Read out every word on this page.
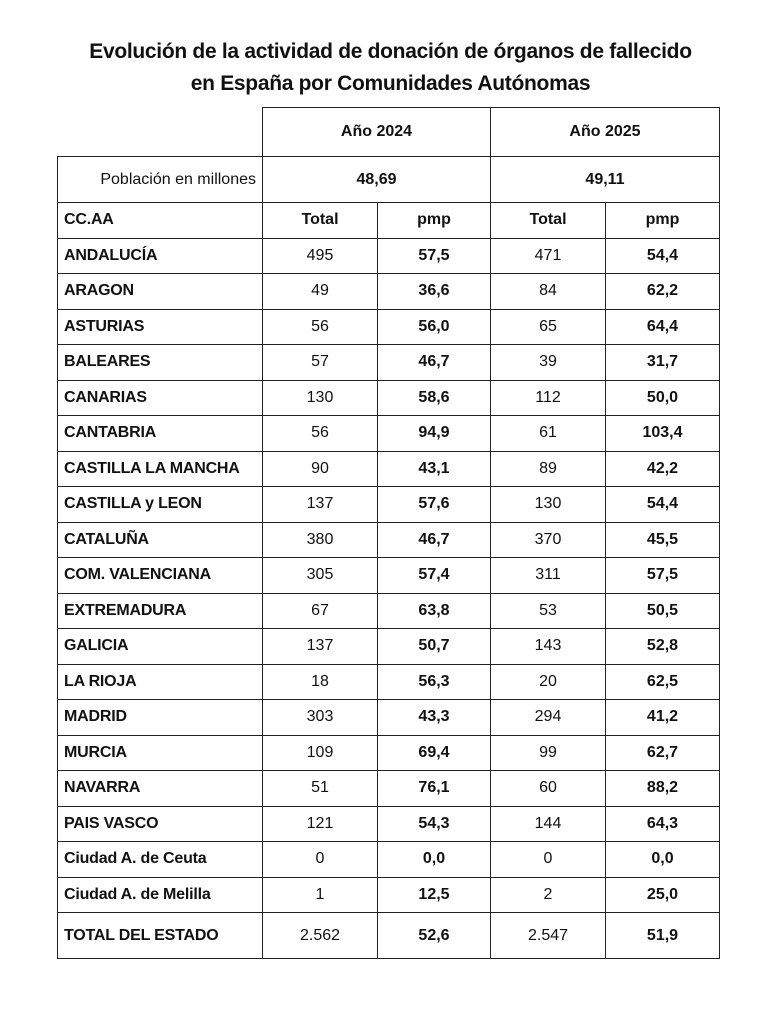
Evolución de la actividad de donación de órganos de fallecido
en España por Comunidades Autónomas
	Año 2024		Año 2025	
Población en millones	48,69		49,11	
CC.AA	Total	pmp	Total	pmp
ANDALUCÍA	495	57,5	471	54,4
ARAGON	49	36,6	84	62,2
ASTURIAS	56	56,0	65	64,4
BALEARES	57	46,7	39	31,7
CANARIAS	130	58,6	112	50,0
CANTABRIA	56	94,9	61	103,4
CASTILLA LA MANCHA	90	43,1	89	42,2
CASTILLA y LEON	137	57,6	130	54,4
CATALUÑA	380	46,7	370	45,5
COM. VALENCIANA	305	57,4	311	57,5
EXTREMADURA	67	63,8	53	50,5
GALICIA	137	50,7	143	52,8
LA RIOJA	18	56,3	20	62,5
MADRID	303	43,3	294	41,2
MURCIA	109	69,4	99	62,7
NAVARRA	51	76,1	60	88,2
PAIS VASCO	121	54,3	144	64,3
Ciudad A. de Ceuta	0	0,0	0	0,0
Ciudad A. de Melilla	1	12,5	2	25,0
TOTAL DEL ESTADO	2.562	52,6	2.547	51,9
